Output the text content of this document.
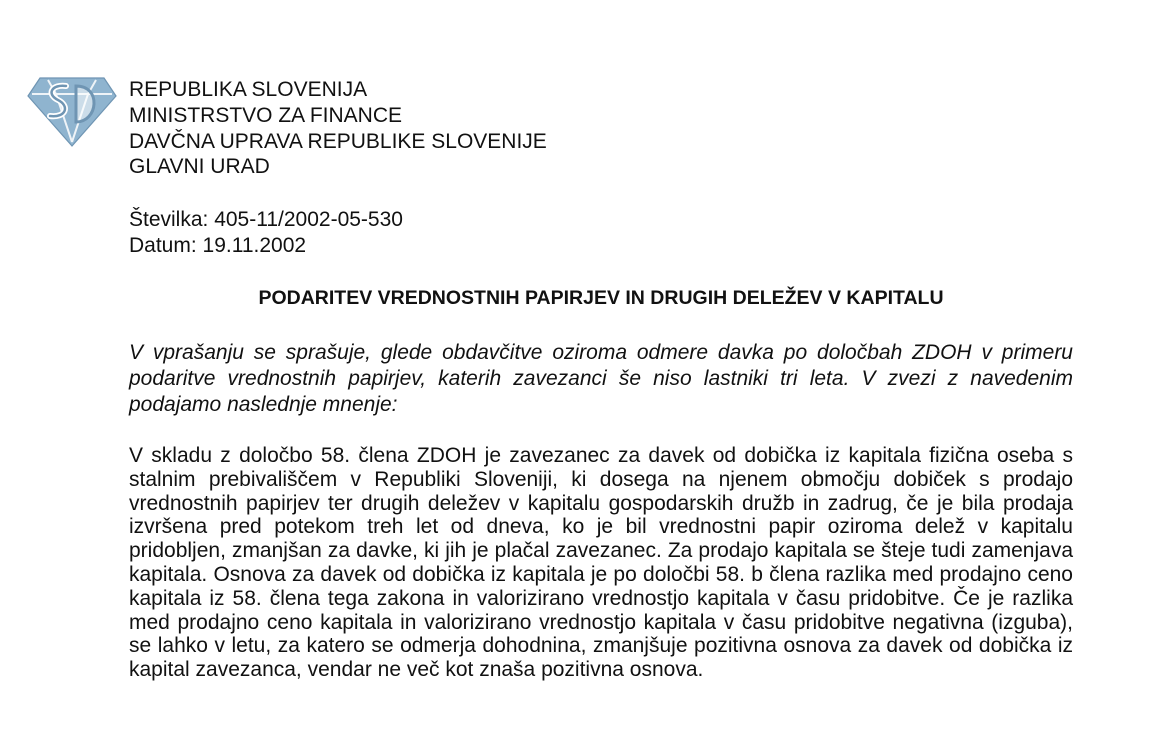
REPUBLIKA SLOVENIJA
MINISTRSTVO ZA FINANCE
DAVČNA UPRAVA REPUBLIKE SLOVENIJE
GLAVNI URAD
Številka: 405-11/2002-05-530
Datum: 19.11.2002
PODARITEV VREDNOSTNIH PAPIRJEV IN DRUGIH DELEŽEV V KAPITALU
V vprašanju se sprašuje, glede obdavčitve oziroma odmere davka po določbah ZDOH v primeru podaritve vrednostnih papirjev, katerih zavezanci še niso lastniki tri leta. V zvezi z navedenim podajamo naslednje mnenje:
V skladu z določbo 58. člena ZDOH je zavezanec za davek od dobička iz kapitala fizična oseba s stalnim prebivališčem v Republiki Sloveniji, ki dosega na njenem območju dobiček s prodajo vrednostnih papirjev ter drugih deležev v kapitalu gospodarskih družb in zadrug, če je bila prodaja izvršena pred potekom treh let od dneva, ko je bil vrednostni papir oziroma delež v kapitalu pridobljen, zmanjšan za davke, ki jih je plačal zavezanec. Za prodajo kapitala se šteje tudi zamenjava kapitala. Osnova za davek od dobička iz kapitala je po določbi 58. b člena razlika med prodajno ceno kapitala iz 58. člena tega zakona in valorizirano vrednostjo kapitala v času pridobitve. Če je razlika med prodajno ceno kapitala in valorizirano vrednostjo kapitala v času pridobitve negativna (izguba), se lahko v letu, za katero se odmerja dohodnina, zmanjšuje pozitivna osnova za davek od dobička iz kapital zavezanca, vendar ne več kot znaša pozitivna osnova.
